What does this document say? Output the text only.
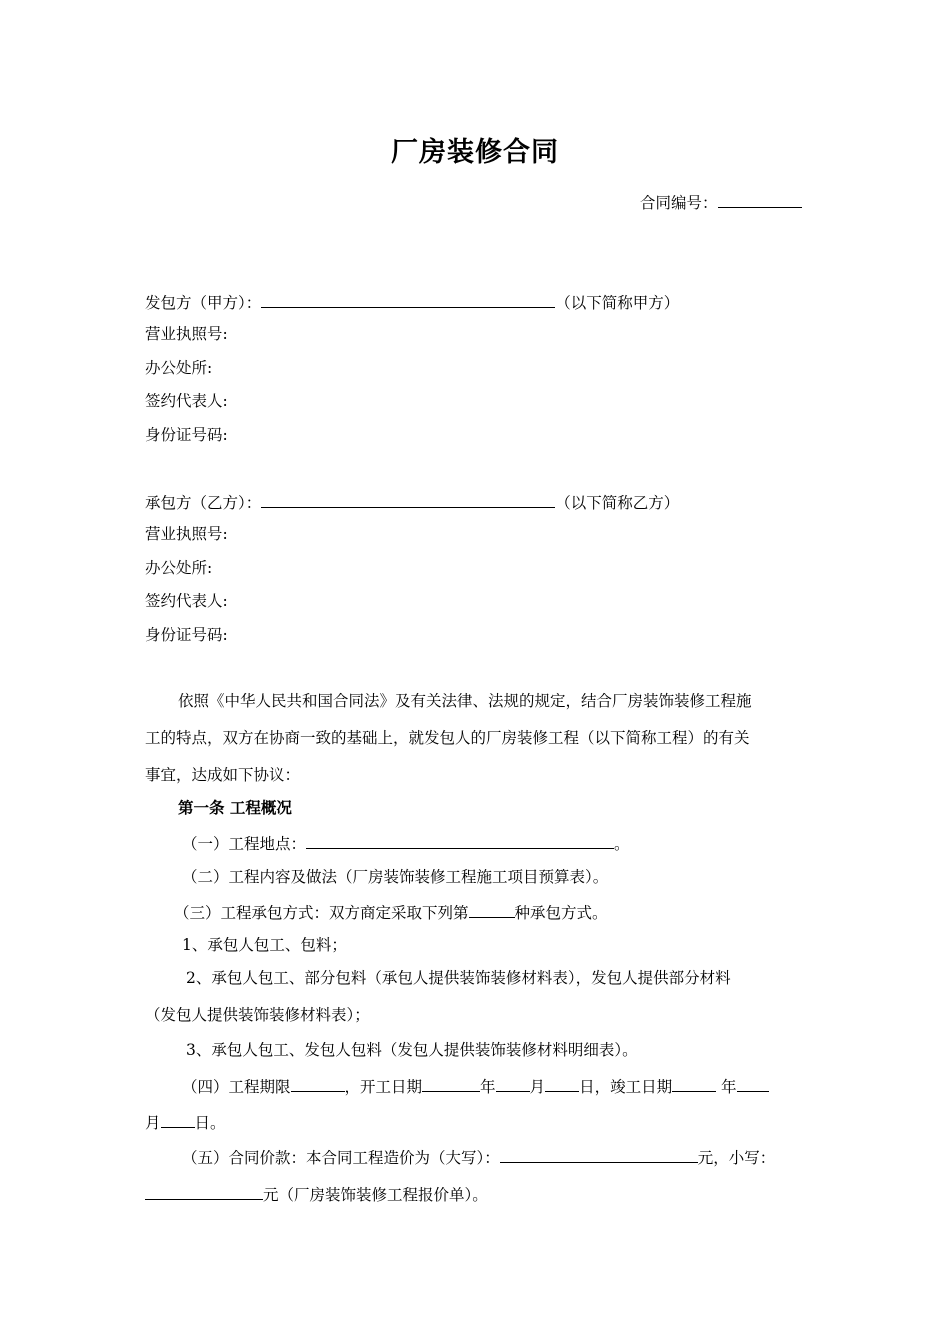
厂房装修合同
合同编号：
发包方（甲方）：	（以下简称甲方）
营业执照号:
办公处所:
签约代表人:
身份证号码:
承包方（乙方）：	（以下简称乙方）
营业执照号:
办公处所:
签约代表人:
身份证号码:
依照《中华人民共和国合同法》及有关法律、法规的规定，结合厂房装饰装修工程施
工的特点，双方在协商一致的基础上，就发包人的厂房装修工程（以下简称工程）的有关
事宜，达成如下协议：
第一条 工程概况
（一）工程地点：	。
（二）工程内容及做法（厂房装饰装修工程施工项目预算表）。
（三）工程承包方式：双方商定采取下列第	种承包方式。
1、承包人包工、包料；
2、承包人包工、部分包料（承包人提供装饰装修材料表），发包人提供部分材料
（发包人提供装饰装修材料表）；
3、承包人包工、发包人包料（发包人提供装饰装修材料明细表）。
（四）工程期限	，开工日期	年 月 日，竣工日期	年
月 日。
（五）合同价款：本合同工程造价为（大写）：	元，小写：
元（厂房装饰装修工程报价单）。
